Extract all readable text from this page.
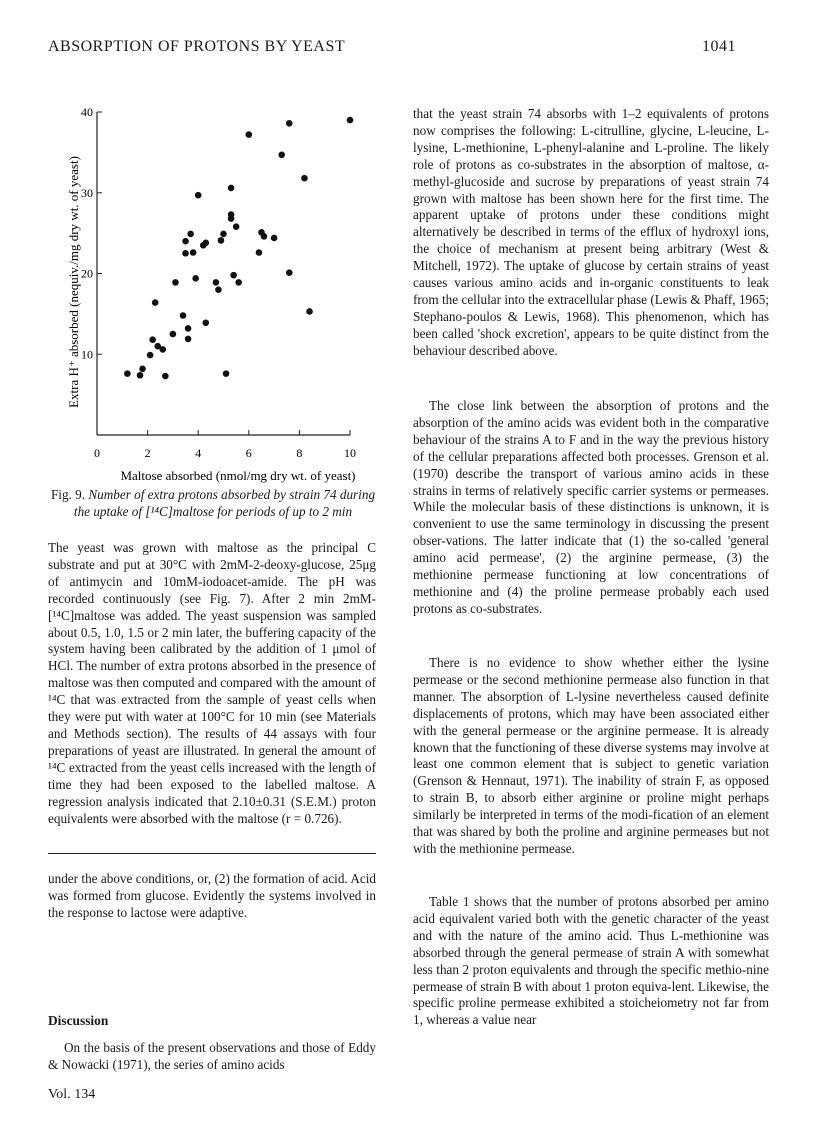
ABSORPTION OF PROTONS BY YEAST	1041
0	2	4	6	8	10
10
20
30
40
Extra H⁺ absorbed (nequiv./mg dry wt. of yeast)
Maltose absorbed (nmol/mg dry wt. of yeast)
Fig. 9. Number of extra protons absorbed by strain 74 during the uptake of [¹⁴C]maltose for periods of up to 2 min

The yeast was grown with maltose as the principal C substrate and put at 30°C with 2mM-2-deoxy-glucose, 25μg of antimycin and 10mM-iodoacet-amide. The pH was recorded continuously (see Fig. 7). After 2 min 2mM-[¹⁴C]maltose was added. The yeast suspension was sampled about 0.5, 1.0, 1.5 or 2 min later, the buffering capacity of the system having been calibrated by the addition of 1 μmol of HCl. The number of extra protons absorbed in the presence of maltose was then computed and compared with the amount of ¹⁴C that was extracted from the sample of yeast cells when they were put with water at 100°C for 10 min (see Materials and Methods section). The results of 44 assays with four preparations of yeast are illustrated. In general the amount of ¹⁴C extracted from the yeast cells increased with the length of time they had been exposed to the labelled maltose. A regression analysis indicated that 2.10±0.31 (S.E.M.) proton equivalents were absorbed with the maltose (r = 0.726).

under the above conditions, or, (2) the formation of acid. Acid was formed from glucose. Evidently the systems involved in the response to lactose were adaptive.

Discussion

On the basis of the present observations and those of Eddy & Nowacki (1971), the series of amino acids

Vol. 134

that the yeast strain 74 absorbs with 1–2 equivalents of protons now comprises the following: L-citrulline, glycine, L-leucine, L-lysine, L-methionine, L-phenyl-alanine and L-proline. The likely role of protons as co-substrates in the absorption of maltose, α-methyl-glucoside and sucrose by preparations of yeast strain 74 grown with maltose has been shown here for the first time. The apparent uptake of protons under these conditions might alternatively be described in terms of the efflux of hydroxyl ions, the choice of mechanism at present being arbitrary (West & Mitchell, 1972). The uptake of glucose by certain strains of yeast causes various amino acids and in-organic constituents to leak from the cellular into the extracellular phase (Lewis & Phaff, 1965; Stephano-poulos & Lewis, 1968). This phenomenon, which has been called 'shock excretion', appears to be quite distinct from the behaviour described above.

The close link between the absorption of protons and the absorption of the amino acids was evident both in the comparative behaviour of the strains A to F and in the way the previous history of the cellular preparations affected both processes. Grenson et al. (1970) describe the transport of various amino acids in these strains in terms of relatively specific carrier systems or permeases. While the molecular basis of these distinctions is unknown, it is convenient to use the same terminology in discussing the present obser-vations. The latter indicate that (1) the so-called 'general amino acid permease', (2) the arginine permease, (3) the methionine permease functioning at low concentrations of methionine and (4) the proline permease probably each used protons as co-substrates.

There is no evidence to show whether either the lysine permease or the second methionine permease also function in that manner. The absorption of L-lysine nevertheless caused definite displacements of protons, which may have been associated either with the general permease or the arginine permease. It is already known that the functioning of these diverse systems may involve at least one common element that is subject to genetic variation (Grenson & Hennaut, 1971). The inability of strain F, as opposed to strain B, to absorb either arginine or proline might perhaps similarly be interpreted in terms of the modi-fication of an element that was shared by both the proline and arginine permeases but not with the methionine permease.

Table 1 shows that the number of protons absorbed per amino acid equivalent varied both with the genetic character of the yeast and with the nature of the amino acid. Thus L-methionine was absorbed through the general permease of strain A with somewhat less than 2 proton equivalents and through the specific methio-nine permease of strain B with about 1 proton equiva-lent. Likewise, the specific proline permease exhibited a stoicheiometry not far from 1, whereas a value near
